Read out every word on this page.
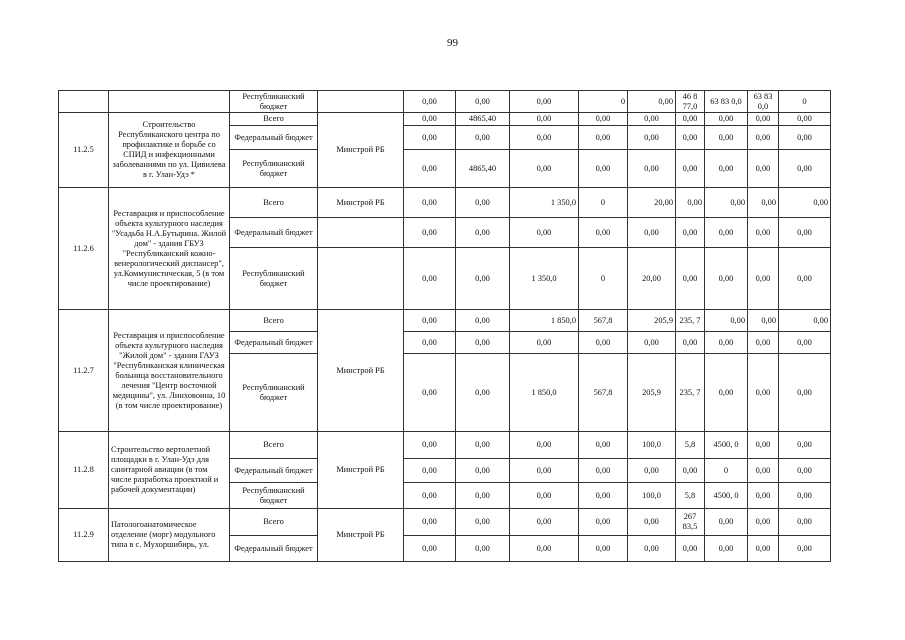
99
		Республиканский бюджет		0,00	0,00	0,00	0	0,00	46 8 77,0	63 83 0,0	63 83 0,0	0
11.2.5	Строительство Республиканского центра по профилактике и борьбе со СПИД и инфекционными заболеваниями по ул. Цивилева в г. Улан-Удэ *	Всего	Минстрой РБ	0,00	4865,40	0,00	0,00	0,00	0,00	0,00	0,00	0,00
		Федеральный бюджет		0,00	0,00	0,00	0,00	0,00	0,00	0,00	0,00	0,00
		Республиканский бюджет		0,00	4865,40	0,00	0,00	0,00	0,00	0,00	0,00	0,00
11.2.6	Реставрация и приспособление объекта культурного наследия "Усадьба Н.А.Бутырина. Жилой дом" - здания ГБУЗ "Республиканский кожно-венерологический диспансер", ул.Коммунистическая, 5 (в том числе проектирование)	Всего	Минстрой РБ	0,00	0,00	1 350,0	0	20,00	0,00	0,00	0,00	0,00
		Федеральный бюджет		0,00	0,00	0,00	0,00	0,00	0,00	0,00	0,00	0,00
		Республиканский бюджет		0,00	0,00	1 350,0	0	20,00	0,00	0,00	0,00	0,00
11.2.7	Реставрация и приспособление объекта культурного наследия "Жилой дом" - здания ГАУЗ "Республиканская клиническая больница восстановительного лечения "Центр восточной медицины", ул. Линховоина, 10 (в том числе проектирование)	Всего	Минстрой РБ	0,00	0,00	1 850,0	567,8	205,9	235, 7	0,00	0,00	0,00
		Федеральный бюджет		0,00	0,00	0,00	0,00	0,00	0,00	0,00	0,00	0,00
		Республиканский бюджет		0,00	0,00	1 850,0	567,8	205,9	235, 7	0,00	0,00	0,00
11.2.8	Строительство вертолетной площадки в г. Улан-Удэ для санитарной авиации (в том числе разработка проектной и рабочей документации)	Всего	Минстрой РБ	0,00	0,00	0,00	0,00	100,0	5,8	4500, 0	0,00	0,00
		Федеральный бюджет		0,00	0,00	0,00	0,00	0,00	0,00	0	0,00	0,00
		Республиканский бюджет		0,00	0,00	0,00	0,00	100,0	5,8	4500, 0	0,00	0,00
11.2.9	Патологоанатомическое отделение (морг) модульного типа в с. Мухоршибирь, ул.	Всего	Минстрой РБ	0,00	0,00	0,00	0,00	0,00	267 83,5	0,00	0,00	0,00
		Федеральный бюджет		0,00	0,00	0,00	0,00	0,00	0,00	0,00	0,00	0,00
